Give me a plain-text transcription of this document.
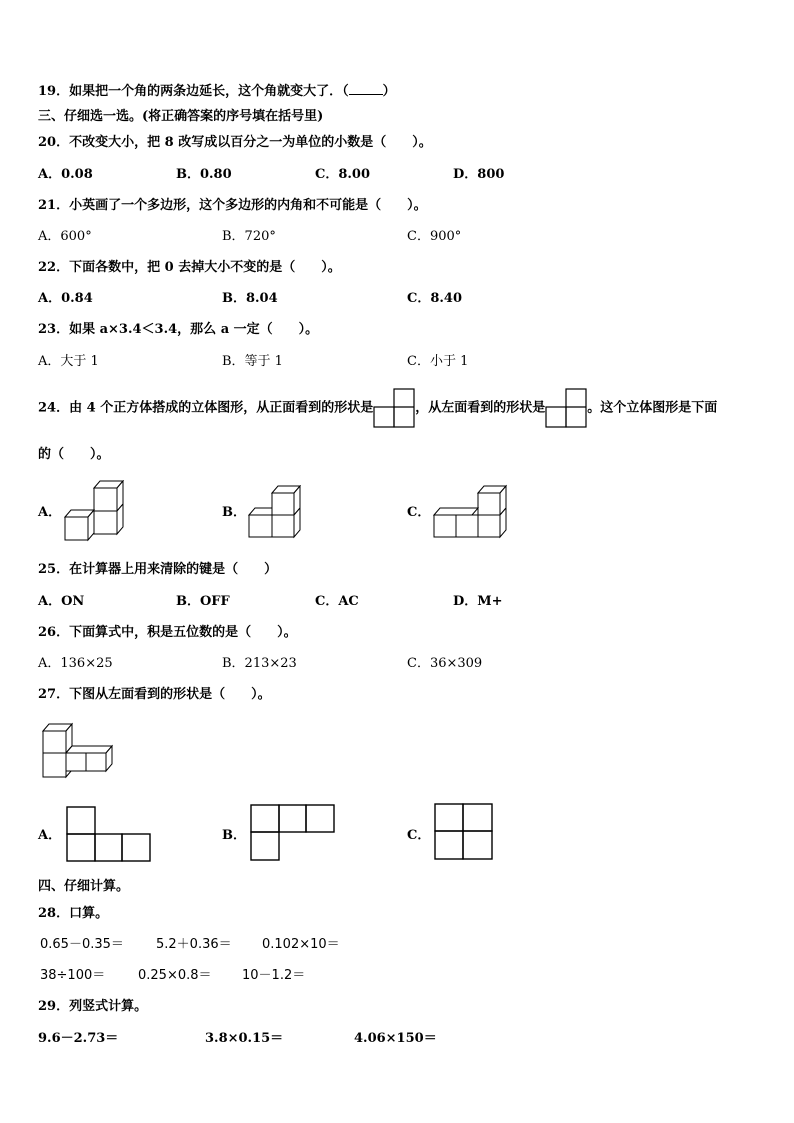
19．如果把一个角的两条边延长，这个角就变大了．（	）
三、仔细选一选。(将正确答案的序号填在括号里)
20．不改变大小，把 8 改写成以百分之一为单位的小数是（　　）。
A．0.08	B．0.80	C．8.00	D．800
21．小英画了一个多边形，这个多边形的内角和不可能是（　　）。
A．600°	B．720°	C．900°
22．下面各数中，把 0 去掉大小不变的是（　　）。
A．0.84	B．8.04	C．8.40
23．如果 a×3.4＜3.4，那么 a 一定（　　）。
A．大于 1	B．等于 1	C．小于 1
24．由 4 个正方体搭成的立体图形，从正面看到的形状是	，从左面看到的形状是	。这个立体图形是下面
的（　　）。
A．	B．	C．
25．在计算器上用来清除的键是（　　）
A．ON	B．OFF	C．AC	D．M+
26．下面算式中，积是五位数的是（　　）。
A．136×25	B．213×23	C．36×309
27．下图从左面看到的形状是（　　）。
A．	B．	C．
四、仔细计算。
28．口算。
0.65－0.35＝ 5.2＋0.36＝ 0.102×10＝
38÷100＝	0.25×0.8＝ 10－1.2＝
29．列竖式计算。
9.6－2.73＝	3.8×0.15＝	4.06×150＝
